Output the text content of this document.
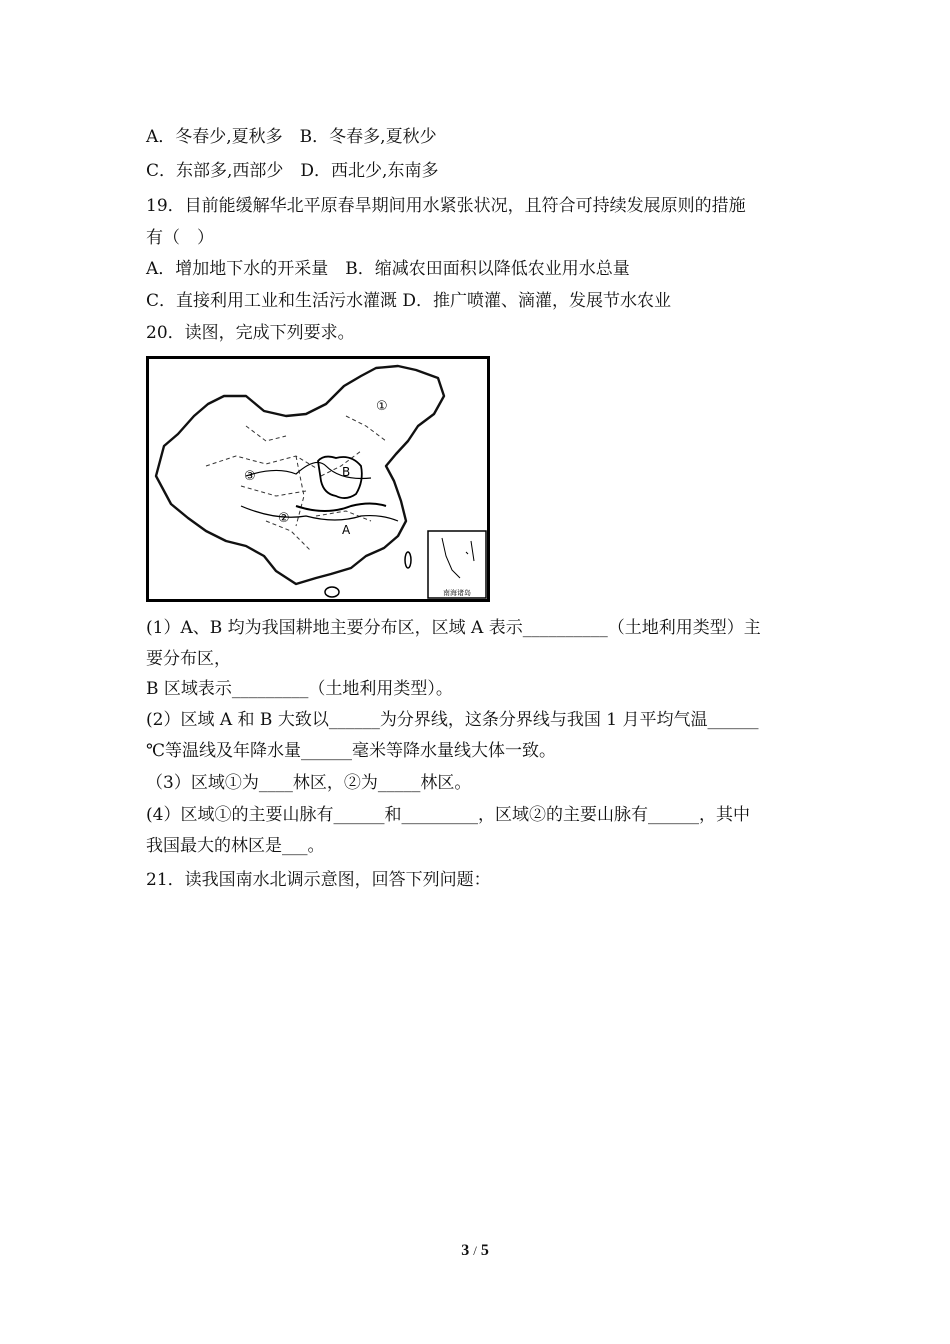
A．冬春少,夏秋多　B．冬春多,夏秋少
C．东部多,西部少　D．西北少,东南多
19．目前能缓解华北平原春旱期间用水紧张状况，且符合可持续发展原则的措施
有（　）
A．增加地下水的开采量　B．缩减农田面积以降低农业用水总量
C．直接利用工业和生活污水灌溉 D．推广喷灌、滴灌，发展节水农业
20．读图，完成下列要求。
南海诸岛
①
②
③
A
B
(1）A、B 均为我国耕地主要分布区，区域 A 表示__________（土地利用类型）主
要分布区，
B 区域表示_________（土地利用类型）。
(2）区域 A 和 B 大致以______为分界线，这条分界线与我国 1 月平均气温______
℃等温线及年降水量______毫米等降水量线大体一致。
（3）区域①为____林区，②为_____林区。
(4）区域①的主要山脉有______和_________，区域②的主要山脉有______，其中
我国最大的林区是___。
21．读我国南水北调示意图，回答下列问题：
3 / 5
